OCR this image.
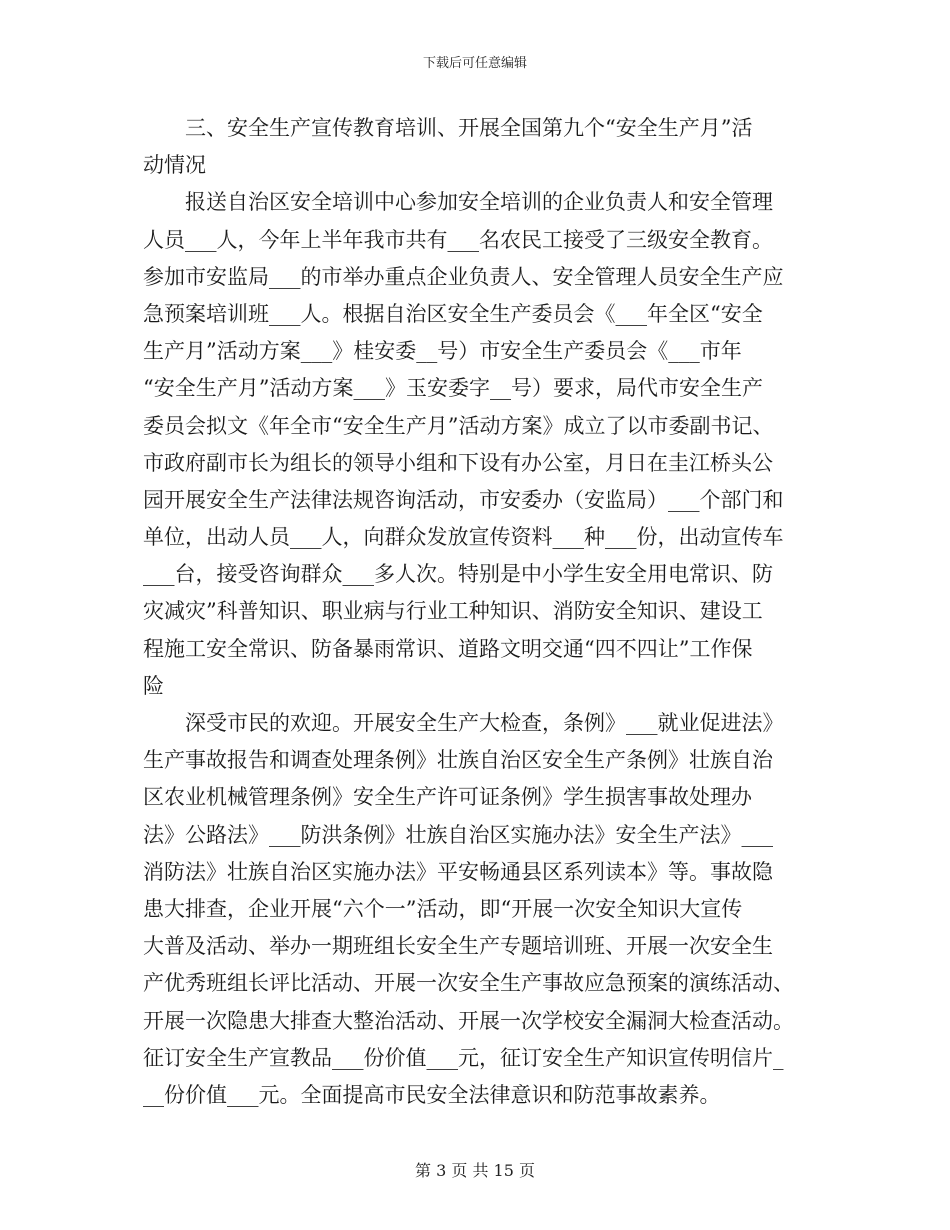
下载后可任意编辑
三、安全生产宣传教育培训、开展全国第九个“安全生产月”活
动情况
报送自治区安全培训中心参加安全培训的企业负责人和安全管理
人员___人，今年上半年我市共有___名农民工接受了三级安全教育。
参加市安监局___的市举办重点企业负责人、安全管理人员安全生产应
急预案培训班___人。根据自治区安全生产委员会《___年全区“安全
生产月”活动方案___》桂安委__号）市安全生产委员会《___市年
“安全生产月”活动方案___》玉安委字__号）要求，局代市安全生产
委员会拟文《年全市“安全生产月”活动方案》成立了以市委副书记、
市政府副市长为组长的领导小组和下设有办公室，月日在圭江桥头公
园开展安全生产法律法规咨询活动，市安委办（安监局）___个部门和
单位，出动人员___人，向群众发放宣传资料___种___份，出动宣传车
___台，接受咨询群众___多人次。特别是中小学生安全用电常识、防
灾减灾”科普知识、职业病与行业工种知识、消防安全知识、建设工
程施工安全常识、防备暴雨常识、道路文明交通“四不四让”工作保
险
深受市民的欢迎。开展安全生产大检查，条例》___就业促进法》
生产事故报告和调查处理条例》壮族自治区安全生产条例》壮族自治
区农业机械管理条例》安全生产许可证条例》学生损害事故处理办
法》公路法》___防洪条例》壮族自治区实施办法》安全生产法》___
消防法》壮族自治区实施办法》平安畅通县区系列读本》等。事故隐
患大排查，企业开展“六个一”活动，即“开展一次安全知识大宣传
大普及活动、举办一期班组长安全生产专题培训班、开展一次安全生
产优秀班组长评比活动、开展一次安全生产事故应急预案的演练活动、
开展一次隐患大排查大整治活动、开展一次学校安全漏洞大检查活动。
征订安全生产宣教品___份价值___元，征订安全生产知识宣传明信片_
__份价值___元。全面提高市民安全法律意识和防范事故素养。
第 3 页 共 15 页
